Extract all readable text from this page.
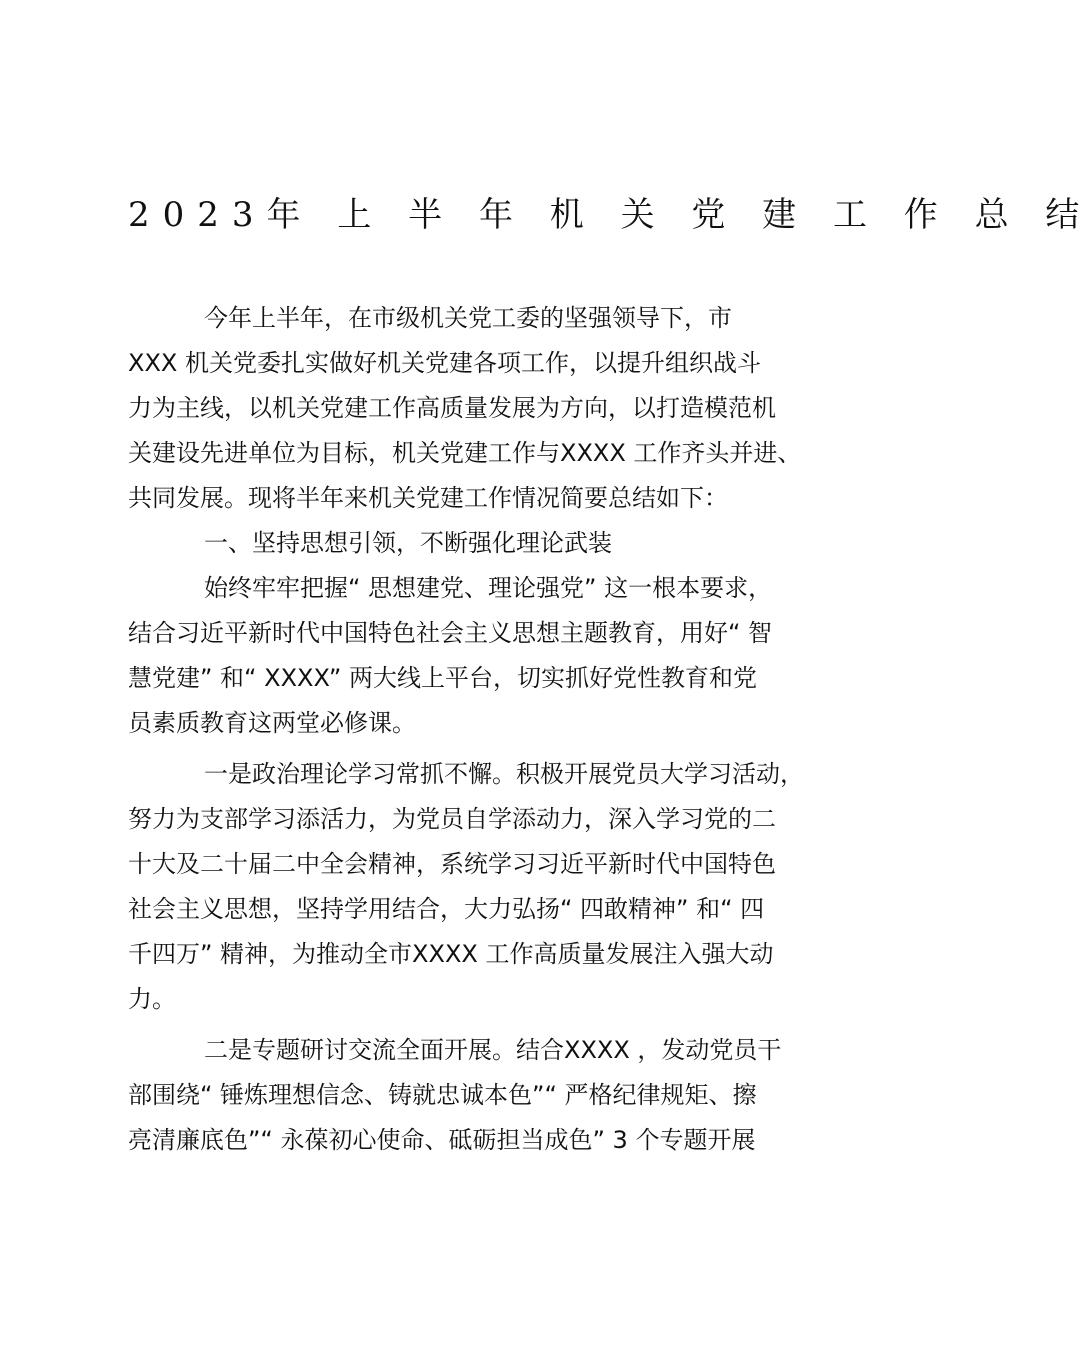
2023年 上 半 年 机 关 党 建 工 作 总 结

今年上半年，在市级机关党工委的坚强领导下，市
XXX 机关党委扎实做好机关党建各项工作，以提升组织战斗
力为主线，以机关党建工作高质量发展为方向，以打造模范机
关建设先进单位为目标，机关党建工作与XXXX 工作齐头并进、
共同发展。现将半年来机关党建工作情况简要总结如下：

一、坚持思想引领，不断强化理论武装

始终牢牢把握“ 思想建党、理论强党” 这一根本要求，
结合习近平新时代中国特色社会主义思想主题教育，用好“ 智
慧党建” 和“ XXXX” 两大线上平台，切实抓好党性教育和党
员素质教育这两堂必修课。

一是政治理论学习常抓不懈。积极开展党员大学习活动，
努力为支部学习添活力，为党员自学添动力，深入学习党的二
十大及二十届二中全会精神，系统学习习近平新时代中国特色
社会主义思想，坚持学用结合，大力弘扬“ 四敢精神” 和“ 四
千四万” 精神，为推动全市XXXX 工作高质量发展注入强大动
力。

二是专题研讨交流全面开展。结合XXXX ，发动党员干
部围绕“ 锤炼理想信念、铸就忠诚本色”“ 严格纪律规矩、擦
亮清廉底色”“ 永葆初心使命、砥砺担当成色” 3 个专题开展
